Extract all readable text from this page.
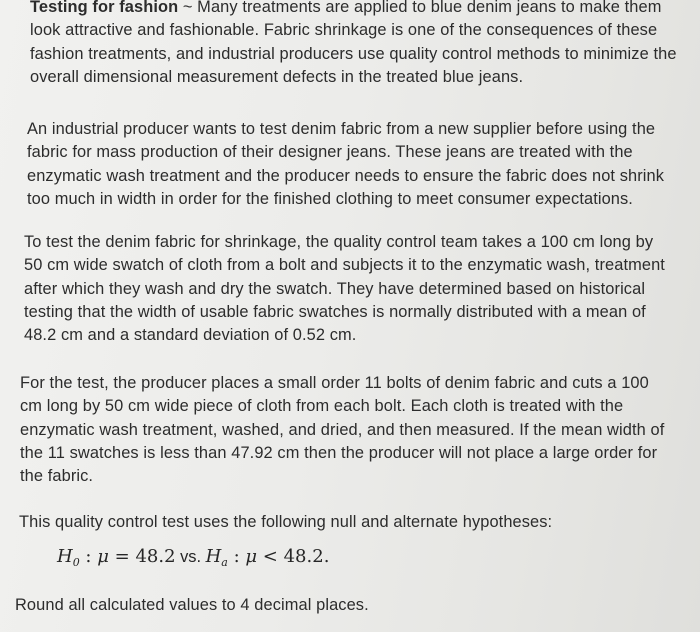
Testing for fashion ~ Many treatments are applied to blue denim jeans to make them
look attractive and fashionable. Fabric shrinkage is one of the consequences of these
fashion treatments, and industrial producers use quality control methods to minimize the
overall dimensional measurement defects in the treated blue jeans.
An industrial producer wants to test denim fabric from a new supplier before using the
fabric for mass production of their designer jeans. These jeans are treated with the
enzymatic wash treatment and the producer needs to ensure the fabric does not shrink
too much in width in order for the finished clothing to meet consumer expectations.
To test the denim fabric for shrinkage, the quality control team takes a 100 cm long by
50 cm wide swatch of cloth from a bolt and subjects it to the enzymatic wash, treatment
after which they wash and dry the swatch. They have determined based on historical
testing that the width of usable fabric swatches is normally distributed with a mean of
48.2 cm and a standard deviation of 0.52 cm.
For the test, the producer places a small order 11 bolts of denim fabric and cuts a 100
cm long by 50 cm wide piece of cloth from each bolt. Each cloth is treated with the
enzymatic wash treatment, washed, and dried, and then measured. If the mean width of
the 11 swatches is less than 47.92 cm then the producer will not place a large order for
the fabric.
This quality control test uses the following null and alternate hypotheses:
$H_0$ : μ = 48.2 vs. $H_a$ : μ < 48.2.
Round all calculated values to 4 decimal places.
